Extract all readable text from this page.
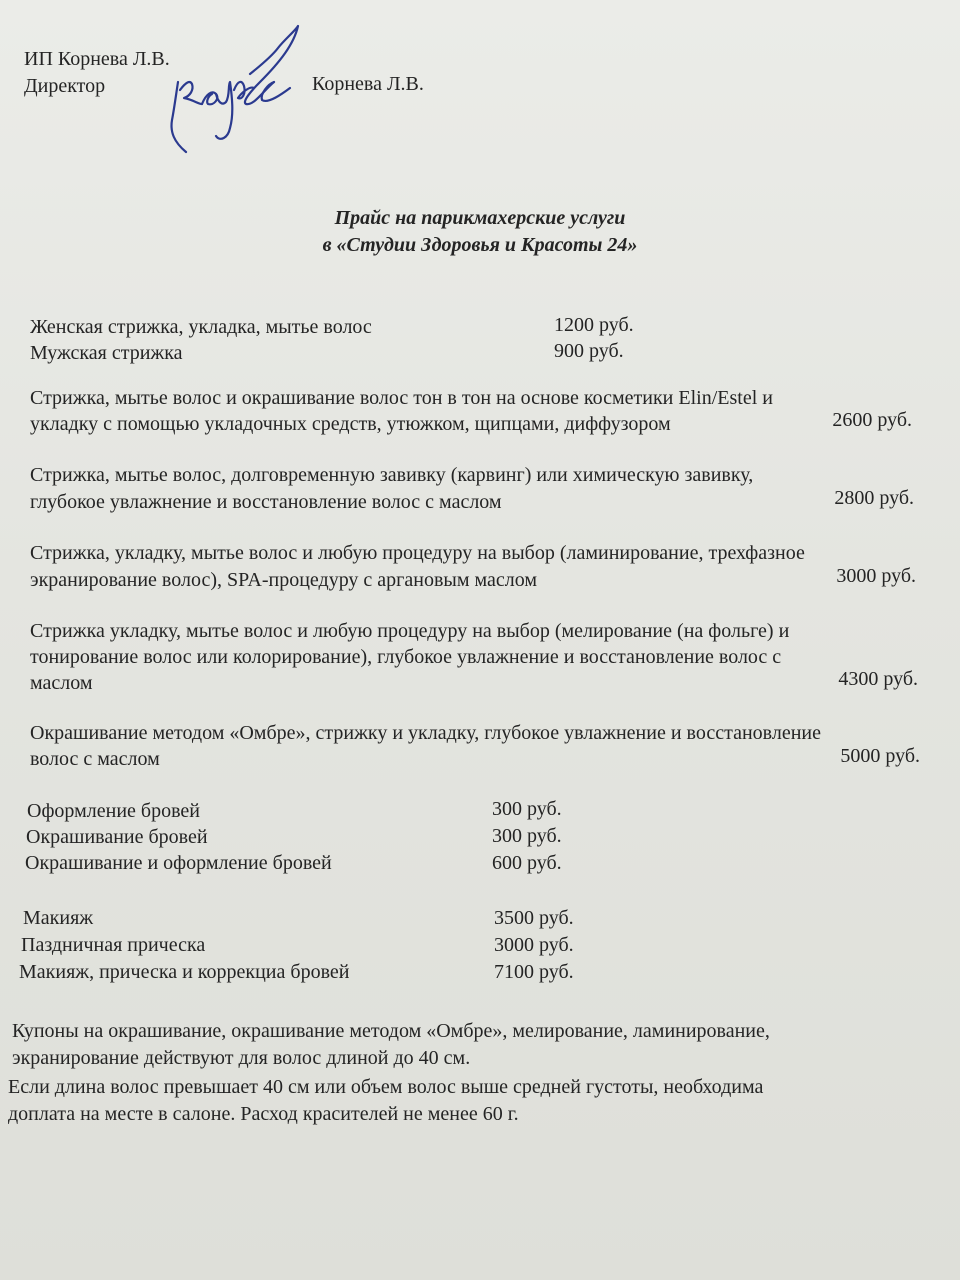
ИП Корнева Л.В.
Директор	Корнева Л.В.
Прайс на парикмахерские услуги
в «Студии Здоровья и Красоты 24»
Женская стрижка, укладка, мытье волос	1200 руб.
Мужская стрижка	900 руб.
Стрижка, мытье волос и окрашивание волос тон в тон на основе косметики Elin/Estel и
укладку с помощью укладочных средств, утюжком, щипцами, диффузором	2600 руб.
Стрижка, мытье волос, долговременную завивку (карвинг) или химическую завивку,
глубокое увлажнение и восстановление волос с маслом	2800 руб.
Стрижка, укладку, мытье волос и любую процедуру на выбор (ламинирование, трехфазное
экранирование волос), SPA-процедуру с аргановым маслом	3000 руб.
Стрижка укладку, мытье волос и любую процедуру на выбор (мелирование (на фольге) и
тонирование волос или колорирование), глубокое увлажнение и восстановление волос с
маслом	4300 руб.
Окрашивание методом «Омбре», стрижку и укладку, глубокое увлажнение и восстановление
волос с маслом	5000 руб.
Оформление бровей	300 руб.
Окрашивание бровей	300 руб.
Окрашивание и оформление бровей	600 руб.
Макияж	3500 руб.
Паздничная прическа	3000 руб.
Макияж, прическа и коррекциа бровей	7100 руб.
Купоны на окрашивание, окрашивание методом «Омбре», мелирование, ламинирование,
экранирование действуют для волос длиной до 40 см.
Если длина волос превышает 40 см или объем волос выше средней густоты, необходима
доплата на месте в салоне. Расход красителей не менее 60 г.
